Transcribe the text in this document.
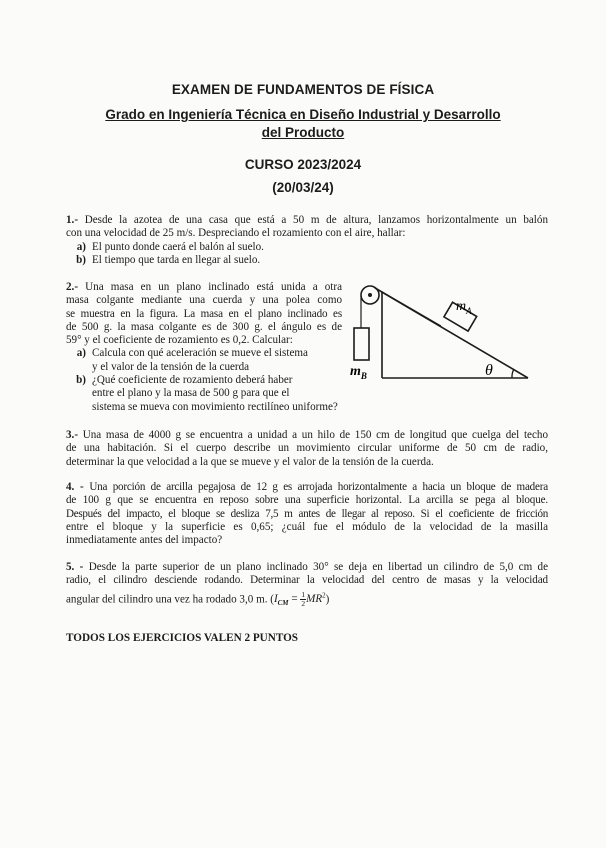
EXAMEN DE FUNDAMENTOS DE FÍSICA
Grado en Ingeniería Técnica en Diseño Industrial y Desarrollo
del Producto
CURSO 2023/2024
(20/03/24)
1.- Desde la azotea de una casa que está a 50 m de altura, lanzamos horizontalmente un balón
con una velocidad de 25 m/s. Despreciando el rozamiento con el aire, hallar:
a) El punto donde caerá el balón al suelo.
b) El tiempo que tarda en llegar al suelo.
2.- Una masa en un plano inclinado está unida a otra
masa colgante mediante una cuerda y una polea como
se muestra en la figura. La masa en el plano inclinado es
de 500 g. la masa colgante es de 300 g. el ángulo es de
59° y el coeficiente de rozamiento es 0,2. Calcular:
a) Calcula con qué aceleración se mueve el sistema
y el valor de la tensión de la cuerda
b) ¿Qué coeficiente de rozamiento deberá haber
entre el plano y la masa de 500 g para que el
sistema se mueva con movimiento rectilíneo uniforme?
$m_A$
$m_B$	θ
3.- Una masa de 4000 g se encuentra a unidad a un hilo de 150 cm de longitud que cuelga del techo
de una habitación. Si el cuerpo describe un movimiento circular uniforme de 50 cm de radio,
determinar la que velocidad a la que se mueve y el valor de la tensión de la cuerda.
4. - Una porción de arcilla pegajosa de 12 g es arrojada horizontalmente a hacia un bloque de madera
de 100 g que se encuentra en reposo sobre una superficie horizontal. La arcilla se pega al bloque.
Después del impacto, el bloque se desliza 7,5 m antes de llegar al reposo. Si el coeficiente de fricción
entre el bloque y la superficie es 0,65; ¿cuál fue el módulo de la velocidad de la masilla
inmediatamente antes del impacto?
5. - Desde la parte superior de un plano inclinado 30° se deja en libertad un cilindro de 5,0 cm de
radio, el cilindro desciende rodando. Determinar la velocidad del centro de masas y la velocidad
angular del cilindro una vez ha rodado 3,0 m. $(I_{CM} = \frac{1}{2} MR^2)$
TODOS LOS EJERCICIOS VALEN 2 PUNTOS
